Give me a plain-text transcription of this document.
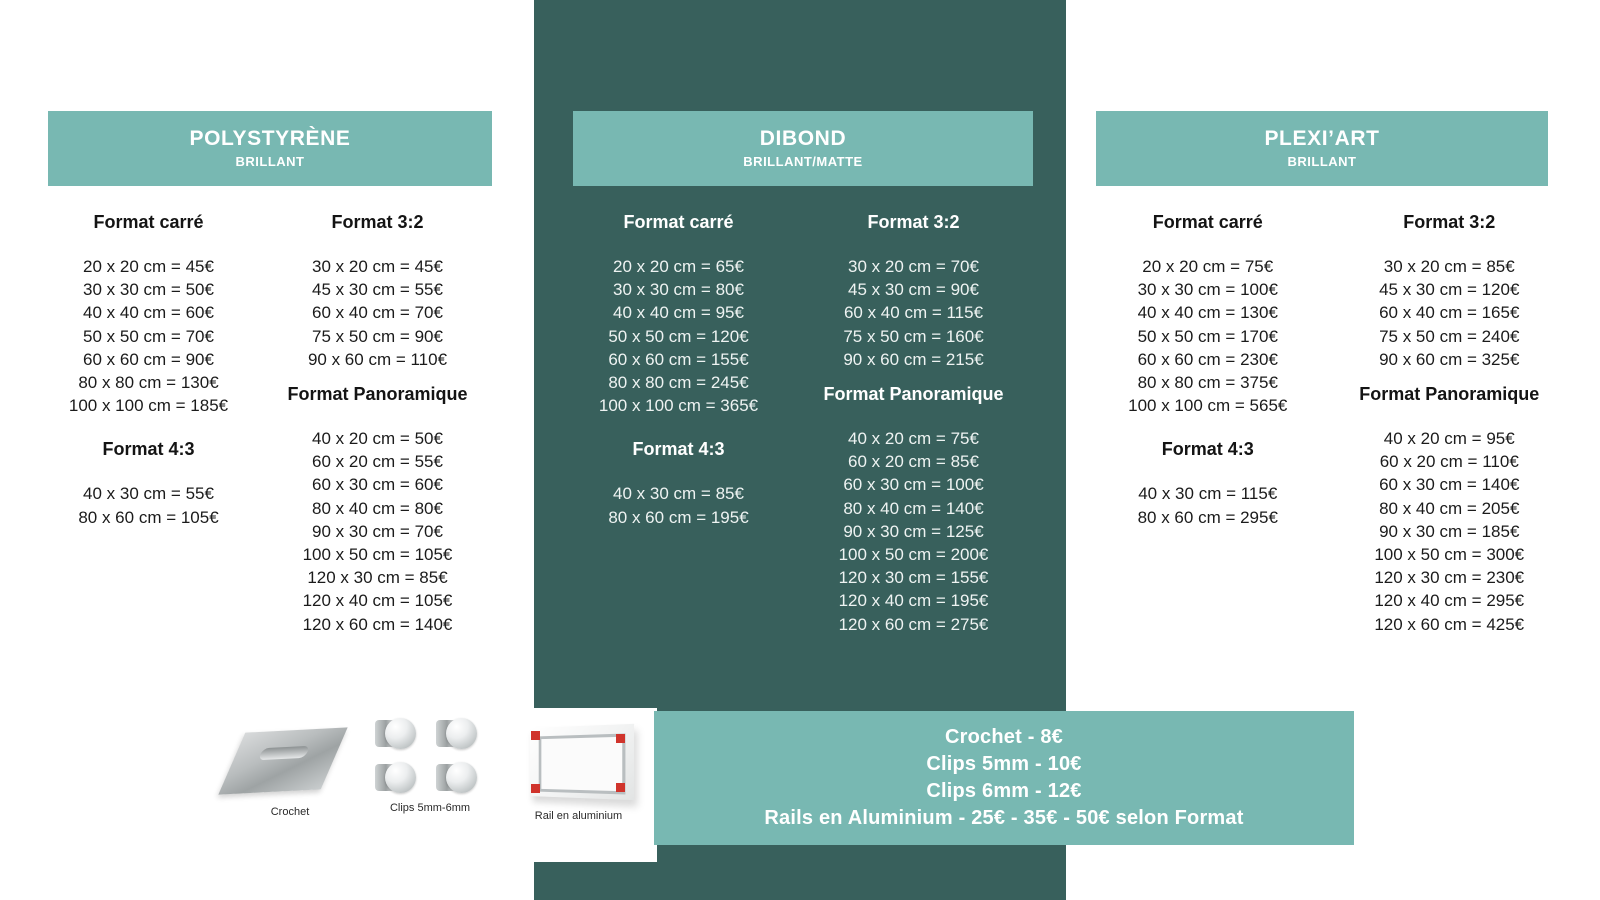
POLYSTYRÈNE
BRILLANT
Format carré
20 x 20 cm = 45€
30 x 30 cm = 50€
40 x 40 cm = 60€
50 x 50 cm = 70€
60 x 60 cm = 90€
80 x 80 cm = 130€
100 x 100 cm = 185€
Format 4:3
40 x 30 cm = 55€
80 x 60 cm = 105€
Format 3:2
30 x 20 cm = 45€
45 x 30 cm = 55€
60 x 40 cm = 70€
75 x 50 cm = 90€
90 x 60 cm = 110€
Format Panoramique
40 x 20 cm = 50€
60 x 20 cm = 55€
60 x 30 cm = 60€
80 x 40 cm = 80€
90 x 30 cm = 70€
100 x 50 cm = 105€
120 x 30 cm = 85€
120 x 40 cm = 105€
120 x 60 cm = 140€
DIBOND
BRILLANT/MATTE
Format carré
20 x 20 cm = 65€
30 x 30 cm = 80€
40 x 40 cm = 95€
50 x 50 cm = 120€
60 x 60 cm = 155€
80 x 80 cm = 245€
100 x 100 cm = 365€
Format 4:3
40 x 30 cm = 85€
80 x 60 cm = 195€
Format 3:2
30 x 20 cm = 70€
45 x 30 cm = 90€
60 x 40 cm = 115€
75 x 50 cm = 160€
90 x 60 cm = 215€
Format Panoramique
40 x 20 cm = 75€
60 x 20 cm = 85€
60 x 30 cm = 100€
80 x 40 cm = 140€
90 x 30 cm = 125€
100 x 50 cm = 200€
120 x 30 cm = 155€
120 x 40 cm = 195€
120 x 60 cm = 275€
PLEXI’ART
BRILLANT
Format carré
20 x 20 cm = 75€
30 x 30 cm = 100€
40 x 40 cm = 130€
50 x 50 cm = 170€
60 x 60 cm = 230€
80 x 80 cm = 375€
100 x 100 cm = 565€
Format 4:3
40 x 30 cm = 115€
80 x 60 cm = 295€
Format 3:2
30 x 20 cm = 85€
45 x 30 cm = 120€
60 x 40 cm = 165€
75 x 50 cm = 240€
90 x 60 cm = 325€
Format Panoramique
40 x 20 cm = 95€
60 x 20 cm = 110€
60 x 30 cm = 140€
80 x 40 cm = 205€
90 x 30 cm = 185€
100 x 50 cm = 300€
120 x 30 cm = 230€
120 x 40 cm = 295€
120 x 60 cm = 425€
Crochet	Clips 5mm-6mm
Rail en aluminium
Crochet - 8€
Clips 5mm - 10€
Clips 6mm - 12€
Rails en Aluminium - 25€ - 35€ - 50€ selon Format
